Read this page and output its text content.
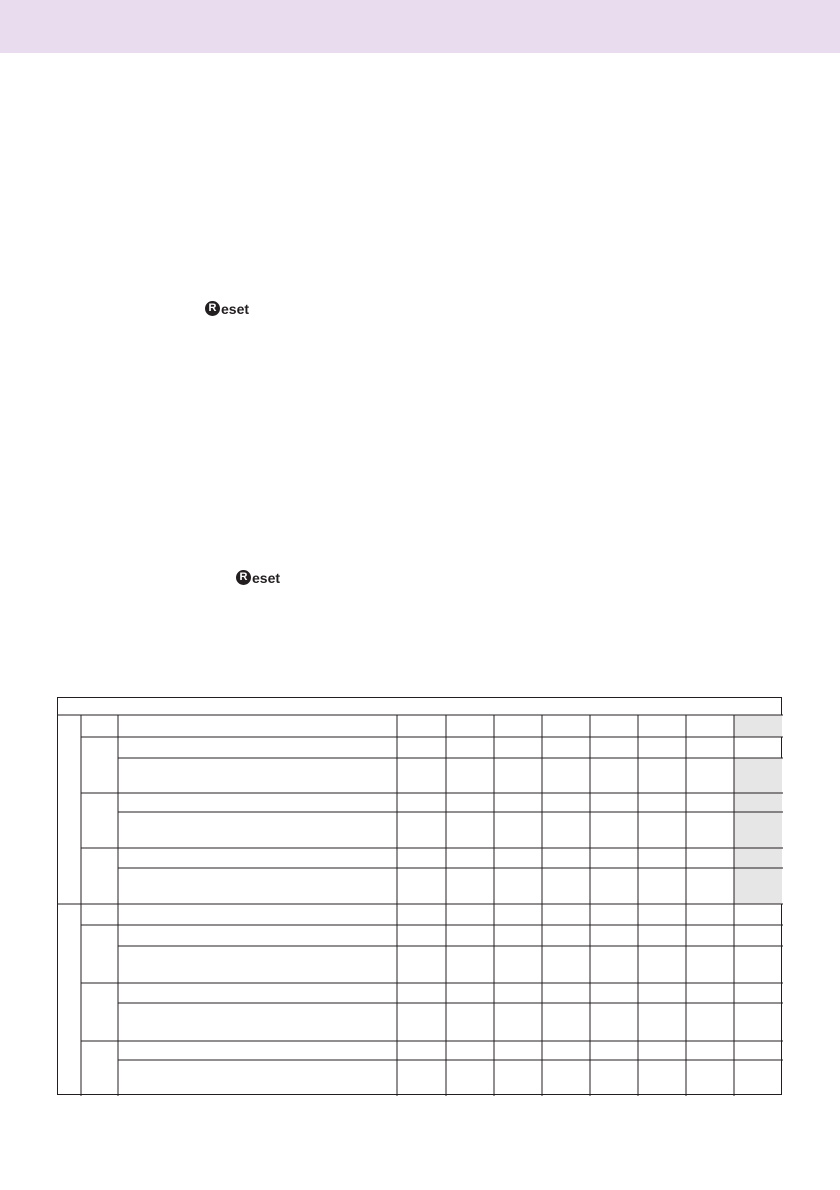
R eset
R eset
